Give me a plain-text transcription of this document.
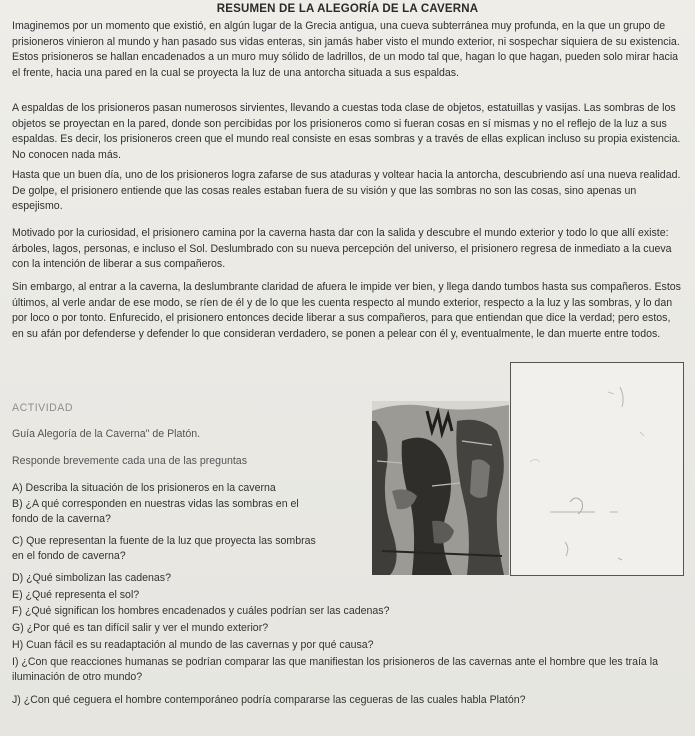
RESUMEN DE LA ALEGORÍA DE LA CAVERNA
Imaginemos por un momento que existió, en algún lugar de la Grecia antigua, una cueva subterránea muy profunda, en la que un grupo de prisioneros vinieron al mundo y han pasado sus vidas enteras, sin jamás haber visto el mundo exterior, ni sospechar siquiera de su existencia. Estos prisioneros se hallan encadenados a un muro muy sólido de ladrillos, de un modo tal que, hagan lo que hagan, pueden solo mirar hacia el frente, hacia una pared en la cual se proyecta la luz de una antorcha situada a sus espaldas.
A espaldas de los prisioneros pasan numerosos sirvientes, llevando a cuestas toda clase de objetos, estatuillas y vasijas. Las sombras de los objetos se proyectan en la pared, donde son percibidas por los prisioneros como si fueran cosas en sí mismas y no el reflejo de la luz a sus espaldas. Es decir, los prisioneros creen que el mundo real consiste en esas sombras y a través de ellas explican incluso su propia existencia. No conocen nada más.
Hasta que un buen día, uno de los prisioneros logra zafarse de sus ataduras y voltear hacia la antorcha, descubriendo así una nueva realidad. De golpe, el prisionero entiende que las cosas reales estaban fuera de su visión y que las sombras no son las cosas, sino apenas un espejismo.
Motivado por la curiosidad, el prisionero camina por la caverna hasta dar con la salida y descubre el mundo exterior y todo lo que allí existe: árboles, lagos, personas, e incluso el Sol. Deslumbrado con su nueva percepción del universo, el prisionero regresa de inmediato a la cueva con la intención de liberar a sus compañeros.
Sin embargo, al entrar a la caverna, la deslumbrante claridad de afuera le impide ver bien, y llega dando tumbos hasta sus compañeros. Estos últimos, al verle andar de ese modo, se ríen de él y de lo que les cuenta respecto al mundo exterior, respecto a la luz y las sombras, y lo dan por loco o por tonto. Enfurecido, el prisionero entonces decide liberar a sus compañeros, para que entiendan que dice la verdad; pero estos, en su afán por defenderse y defender lo que consideran verdadero, se ponen a pelear con él y, eventualmente, le dan muerte entre todos.
ACTIVIDAD
Guía Alegoría de la Caverna" de Platón.
Responde brevemente cada una de las preguntas
A) Describa la situación de los prisioneros en la caverna
B) ¿A qué corresponden en nuestras vidas las sombras en el
fondo de la caverna?
C) Que representan la fuente de la luz que proyecta las sombras
en el fondo de caverna?
D) ¿Qué simbolizan las cadenas?
E) ¿Qué representa el sol?
F) ¿Qué significan los hombres encadenados y cuáles podrían ser las cadenas?
G) ¿Por qué es tan difícil salir y ver el mundo exterior?
H) Cuan fácil es su readaptación al mundo de las cavernas y por qué causa?
I) ¿Con que reacciones humanas se podrían comparar las que manifiestan los prisioneros de las cavernas ante el hombre que les traía la iluminación de otro mundo?
J) ¿Con qué ceguera el hombre contemporáneo podría compararse las cegueras de las cuales habla Platón?
